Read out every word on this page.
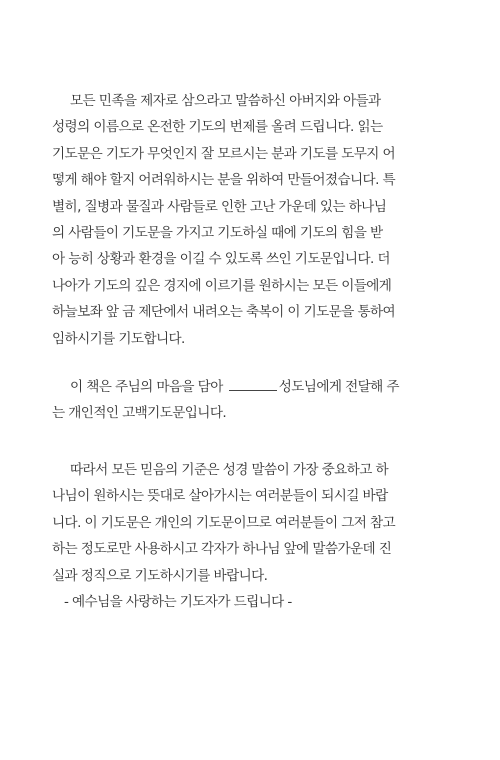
모든 민족을 제자로 삼으라고 말씀하신 아버지와 아들과
성령의 이름으로 온전한 기도의 번제를 올려 드립니다. 읽는
기도문은 기도가 무엇인지 잘 모르시는 분과 기도를 도무지 어
떻게 해야 할지 어려워하시는 분을 위하여 만들어졌습니다. 특
별히, 질병과 물질과 사람들로 인한 고난 가운데 있는 하나님
의 사람들이 기도문을 가지고 기도하실 때에 기도의 힘을 받
아 능히 상황과 환경을 이길 수 있도록 쓰인 기도문입니다. 더
나아가 기도의 깊은 경지에 이르기를 원하시는 모든 이들에게
하늘보좌 앞 금 제단에서 내려오는 축복이 이 기도문을 통하여
임하시기를 기도합니다.

이 책은 주님의 마음을 담아	성도님에게 전달해 주
는 개인적인 고백기도문입니다.

따라서 모든 믿음의 기준은 성경 말씀이 가장 중요하고 하
나님이 원하시는 뜻대로 살아가시는 여러분들이 되시길 바랍
니다. 이 기도문은 개인의 기도문이므로 여러분들이 그저 참고
하는 정도로만 사용하시고 각자가 하나님 앞에 말씀가운데 진
실과 정직으로 기도하시기를 바랍니다.
- 예수님을 사랑하는 기도자가 드립니다 -
